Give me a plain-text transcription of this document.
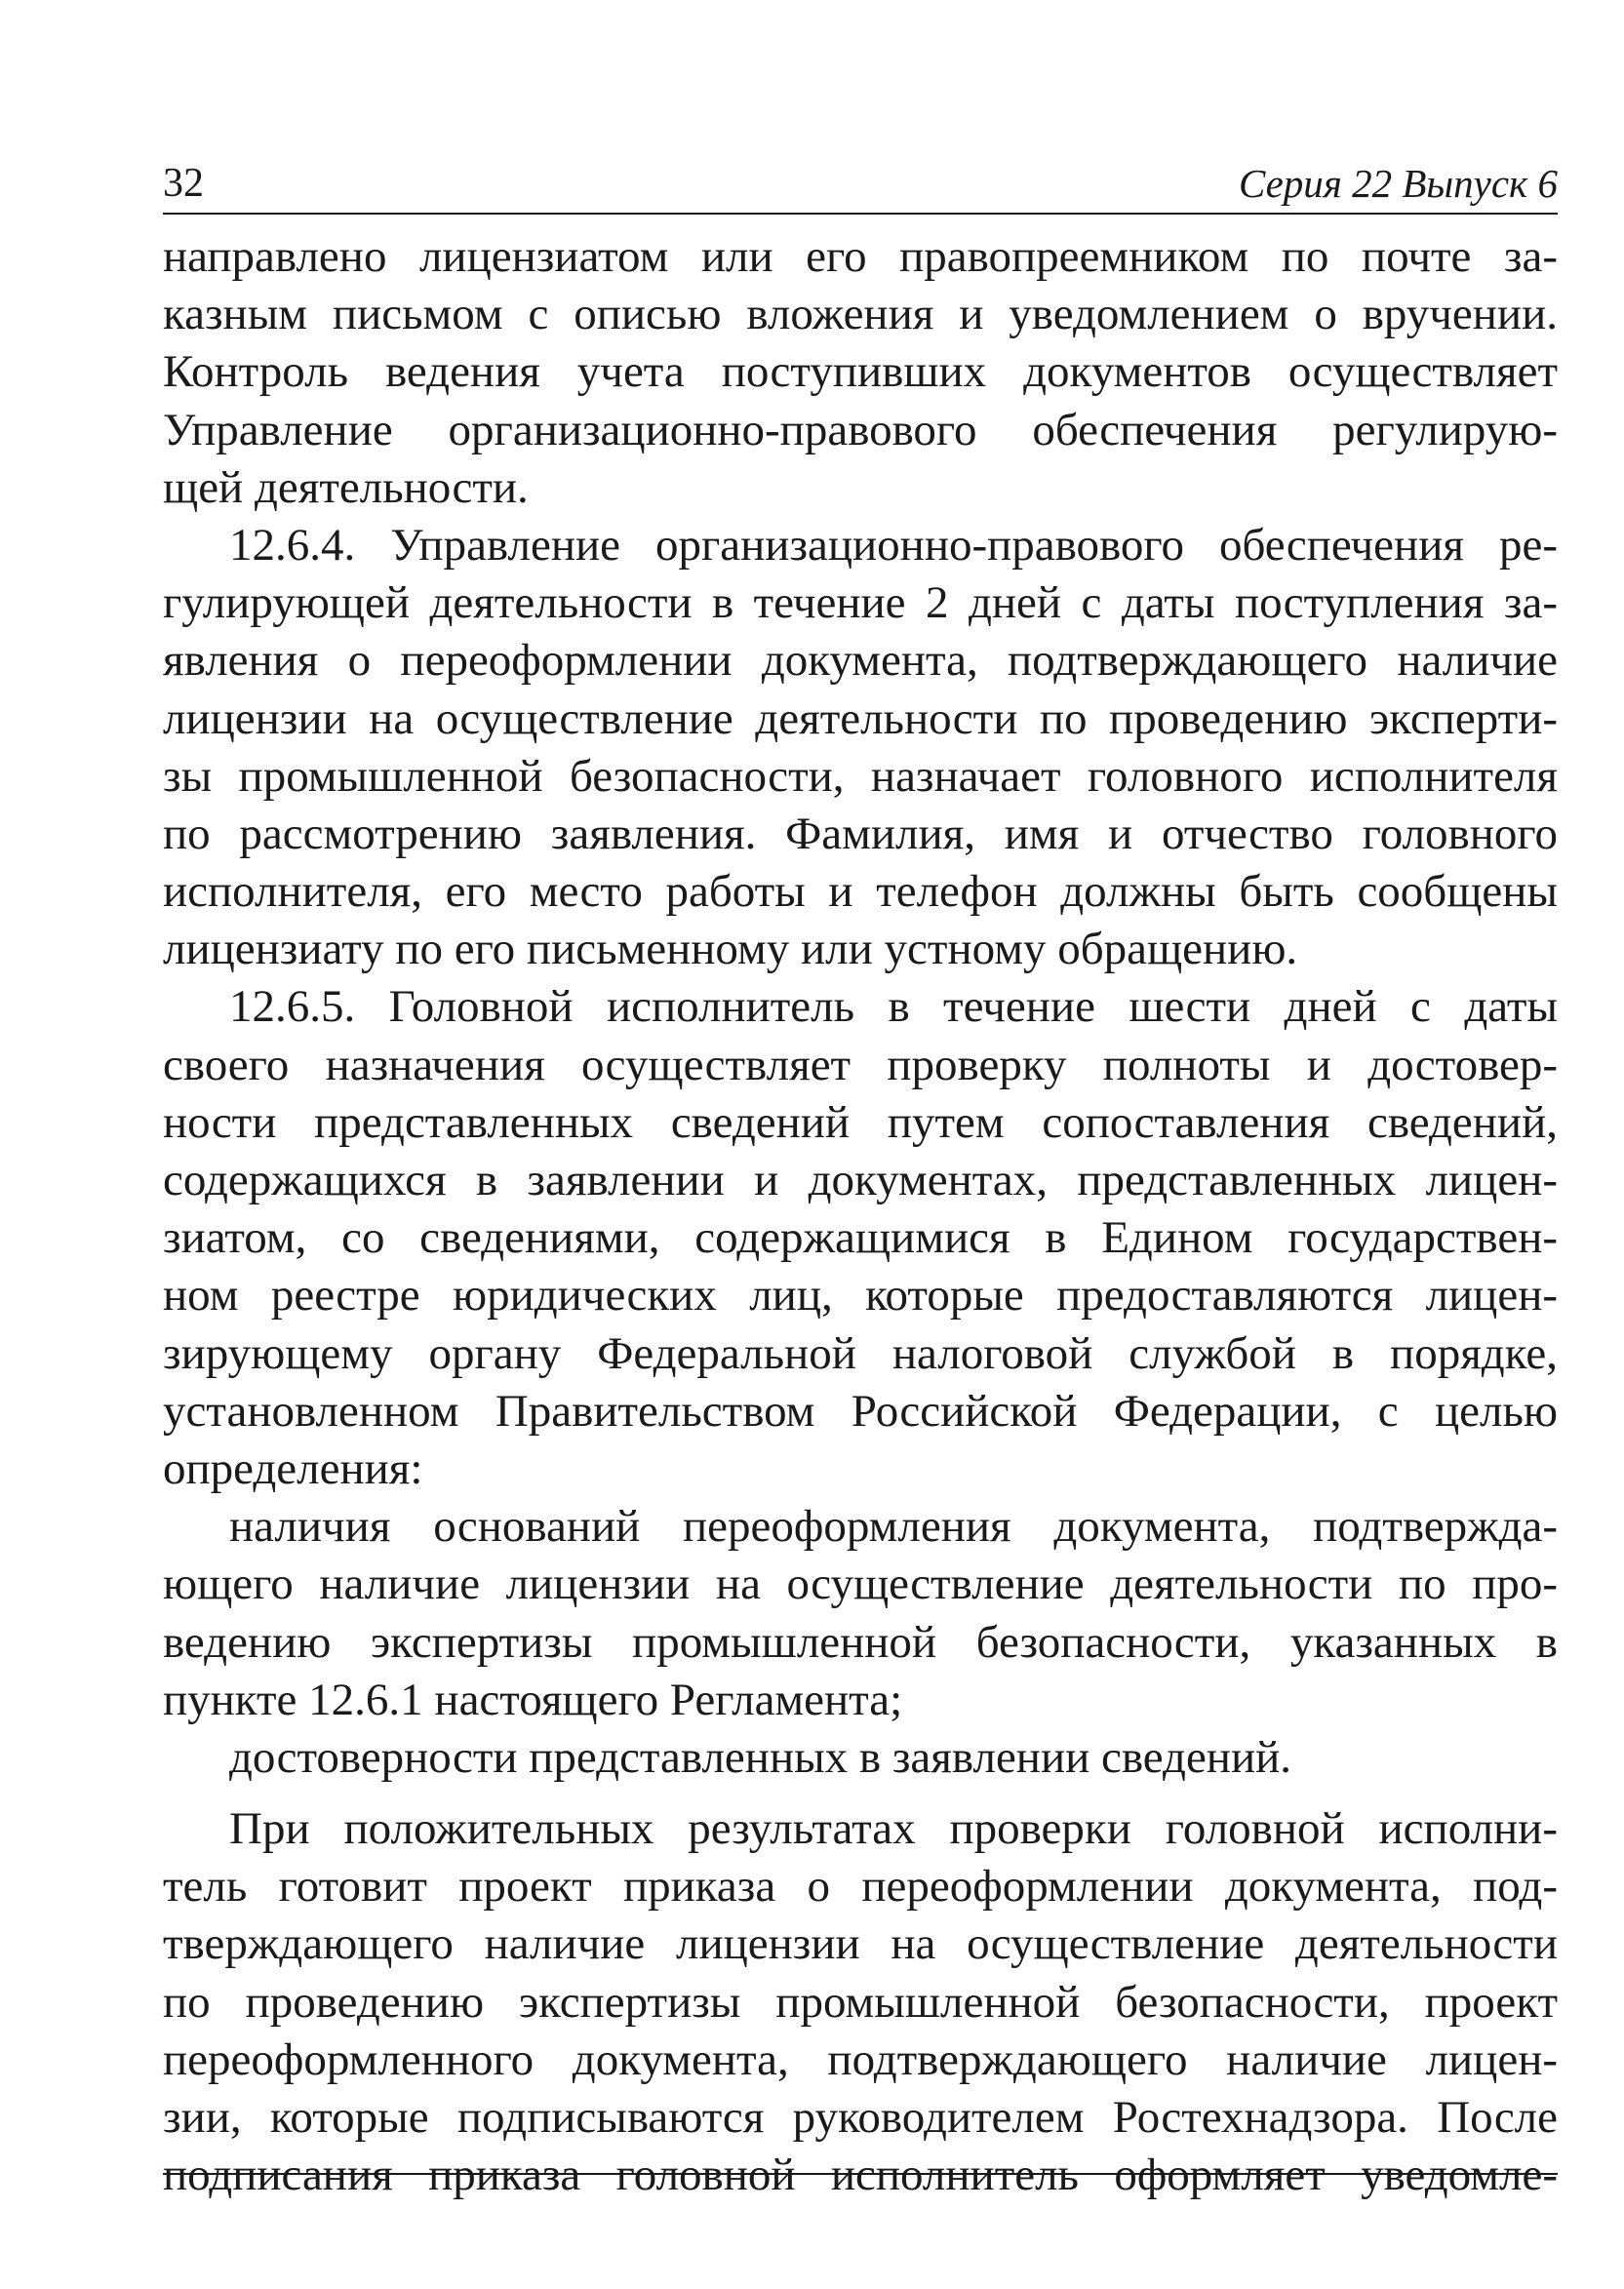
32	Серия 22 Выпуск 6
направлено лицензиатом или его правопреемником по почте за-
казным письмом с описью вложения и уведомлением о вручении.
Контроль ведения учета поступивших документов осуществляет
Управление организационно-правового обеспечения регулирую-
щей деятельности.
12.6.4. Управление организационно-правового обеспечения ре-
гулирующей деятельности в течение 2 дней с даты поступления за-
явления о переоформлении документа, подтверждающего наличие
лицензии на осуществление деятельности по проведению эксперти-
зы промышленной безопасности, назначает головного исполнителя
по рассмотрению заявления. Фамилия, имя и отчество головного
исполнителя, его место работы и телефон должны быть сообщены
лицензиату по его письменному или устному обращению.
12.6.5. Головной исполнитель в течение шести дней с даты
своего назначения осуществляет проверку полноты и достовер-
ности представленных сведений путем сопоставления сведений,
содержащихся в заявлении и документах, представленных лицен-
зиатом, со сведениями, содержащимися в Едином государствен-
ном реестре юридических лиц, которые предоставляются лицен-
зирующему органу Федеральной налоговой службой в порядке,
установленном Правительством Российской Федерации, с целью
определения:
наличия оснований переоформления документа, подтвержда-
ющего наличие лицензии на осуществление деятельности по про-
ведению экспертизы промышленной безопасности, указанных в
пункте 12.6.1 настоящего Регламента;
достоверности представленных в заявлении сведений.
При положительных результатах проверки головной исполни-
тель готовит проект приказа о переоформлении документа, под-
тверждающего наличие лицензии на осуществление деятельности
по проведению экспертизы промышленной безопасности, проект
переоформленного документа, подтверждающего наличие лицен-
зии, которые подписываются руководителем Ростехнадзора. После
подписания приказа головной исполнитель оформляет уведомле-
